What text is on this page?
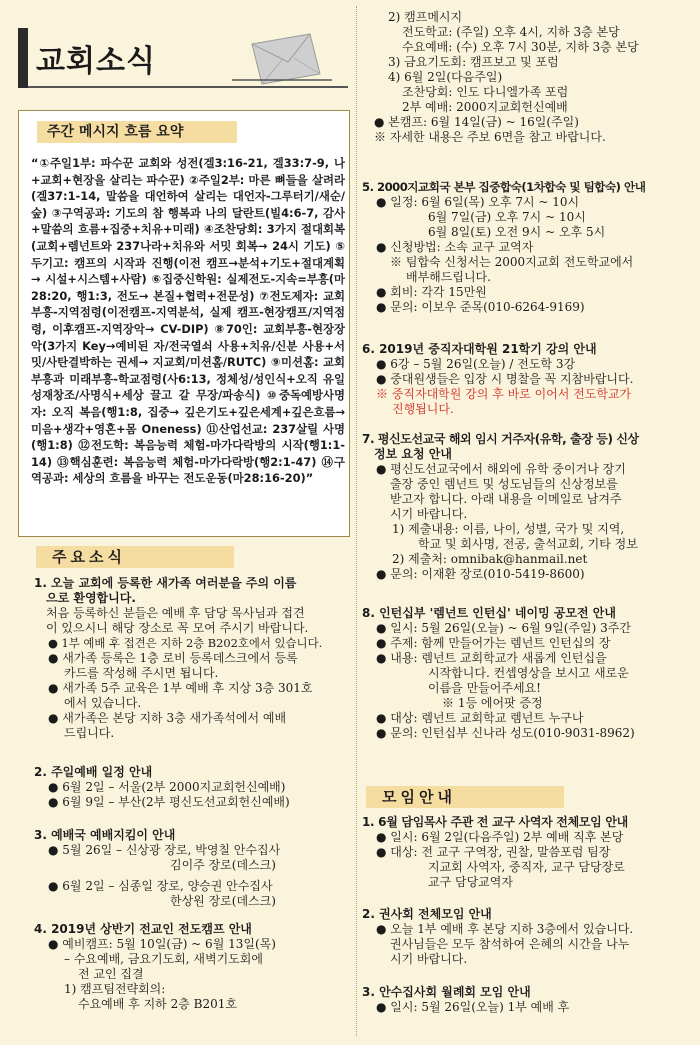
교회소식
주간 메시지 흐름 요약
“①주일1부: 파수꾼 교회와 성전(겔3:16-21, 겔33:7-9, 나+교회+현장을 살리는 파수꾼) ②주일2부: 마른 뼈들을 살려라(겔37:1-14, 말씀을 대언하여 살리는 대언자-그루터기/새순/숲) ③구역공과: 기도의 참 행복과 나의 달란트(빌4:6-7, 감사+말씀의 흐름+집중+치유+미래) ④조찬당회: 3가지 절대회복(교회+렘넌트와 237나라+치유와 서밋 회복→ 24시 기도) ⑤두기고: 캠프의 시작과 진행(이전 캠프→분석+기도+절대계획→ 시설+시스템+사람) ⑥집중신학원: 실제전도-지속=부흥(마28:20, 행1:3, 전도→ 본질+협력+전문성) ⑦전도제자: 교회부흥-지역점령(이전캠프-지역분석, 실제 캠프-현장캠프/지역점령, 이후캠프-지역장악→ CV-DIP) ⑧70인: 교회부흥-현장장악(3가지 Key→예비된 자/전국열쇠 사용+치유/신분 사용+서밋/사탄결박하는 권세→ 지교회/미션홈/RUTC) ⑨미션홈: 교회부흥과 미래부흥-학교점령(사6:13, 정체성/성인식+오직 유일성재창조/사명식+세상 끌고 갈 무장/파송식) ⑩중독예방사명자: 오직 복음(행1:8, 집중→ 깊은기도+깊은세계+깊은흐름→미음+생각+영혼+몸 Oneness) ⑪산업선교: 237살릴 사명(행1:8) ⑫전도학: 복음능력 체험-마가다락방의 시작(행1:1-14) ⑬핵심훈련: 복음능력 체험-마가다락방(행2:1-47) ⑭구역공과: 세상의 흐름을 바꾸는 전도운동(마28:16-20)”
주요소식
1. 오늘 교회에 등록한 새가족 여러분을 주의 이름
으로 환영합니다.
처음 등록하신 분들은 예배 후 담당 목사님과 접견
이 있으시니 해당 장소로 꼭 모여 주시기 바랍니다.
● 1부 예배 후 접견은 지하 2층 B202호에서 있습니다.
● 새가족 등록은 1층 로비 등록데스크에서 등록
카드를 작성해 주시면 됩니다.
● 새가족 5주 교육은 1부 예배 후 지상 3층 301호
에서 있습니다.
● 새가족은 본당 지하 3층 새가족석에서 예배
드립니다.
2. 주일예배 일정 안내
● 6월 2일 – 서울(2부 2000지교회헌신예배)
● 6월 9일 – 부산(2부 평신도선교회헌신예배)
3. 예배국 예배지킴이 안내
● 5월 26일 – 신상광 장로, 박영칠 안수집사
김이주 장로(데스크)
● 6월 2일 – 심종일 장로, 양승권 안수집사
한상원 장로(데스크)
4. 2019년 상반기 전교인 전도캠프 안내
● 예비캠프: 5월 10일(금) ~ 6월 13일(목)
– 수요예배, 금요기도회, 새벽기도회에
전 교인 집결
1) 캠프팀전략회의:
수요예배 후 지하 2층 B201호
2) 캠프메시지
전도학교: (주일) 오후 4시, 지하 3층 본당
수요예배: (수) 오후 7시 30분, 지하 3층 본당
3) 금요기도회: 캠프보고 및 포럼
4) 6월 2일(다음주일)
조찬당회: 인도 다니엘가족 포럼
2부 예배: 2000지교회헌신예배
● 본캠프: 6월 14일(금) ~ 16일(주일)
※ 자세한 내용은 주보 6면을 참고 바랍니다.
5. 2000지교회국 본부 집중합숙(1차합숙 및 팀합숙) 안내
● 일정: 6월 6일(목) 오후 7시 ~ 10시
6월 7일(금) 오후 7시 ~ 10시
6월 8일(토) 오전 9시 ~ 오후 5시
● 신청방법: 소속 교구 교역자
※ 팀합숙 신청서는 2000지교회 전도학교에서
배부해드립니다.
● 회비: 각각 15만원
● 문의: 이보우 준목(010-6264-9169)
6. 2019년 중직자대학원 21학기 강의 안내
● 6강 – 5월 26일(오늘) / 전도학 3강
● 중대원생들은 입장 시 명찰을 꼭 지참바랍니다.
※ 중직자대학원 강의 후 바로 이어서 전도학교가
진행됩니다.
7. 평신도선교국 해외 임시 거주자(유학, 출장 등) 신상
정보 요청 안내
● 평신도선교국에서 해외에 유학 중이거나 장기
출장 중인 렘넌트 및 성도님들의 신상정보를
받고자 합니다. 아래 내용을 이메일로 남겨주
시기 바랍니다.
1) 제출내용: 이름, 나이, 성별, 국가 및 지역,
학교 및 회사명, 전공, 출석교회, 기타 정보
2) 제출처: omnibak@hanmail.net
● 문의: 이재환 장로(010-5419-8600)
8. 인턴십부 '렘넌트 인턴십' 네이밍 공모전 안내
● 일시: 5월 26일(오늘) ~ 6월 9일(주일) 3주간
● 주제: 함께 만들어가는 렘넌트 인턴십의 장
● 내용: 렘넌트 교회학교가 새롭게 인턴십을
시작합니다. 컨셉영상을 보시고 새로운
이름을 만들어주세요!
※ 1등 에어팟 증정
● 대상: 렘넌트 교회학교 렘넌트 누구나
● 문의: 인턴십부 신나라 성도(010-9031-8962)
모임안내
1. 6월 담임목사 주관 전 교구 사역자 전체모임 안내
● 일시: 6월 2일(다음주일) 2부 예배 직후 본당
● 대상: 전 교구 구역장, 권찰, 말씀포럼 팀장
지교회 사역자, 중직자, 교구 담당장로
교구 담당교역자
2. 권사회 전체모임 안내
● 오늘 1부 예배 후 본당 지하 3층에서 있습니다.
권사님들은 모두 참석하여 은혜의 시간을 나누
시기 바랍니다.
3. 안수집사회 월례회 모임 안내
● 일시: 5월 26일(오늘) 1부 예배 후
